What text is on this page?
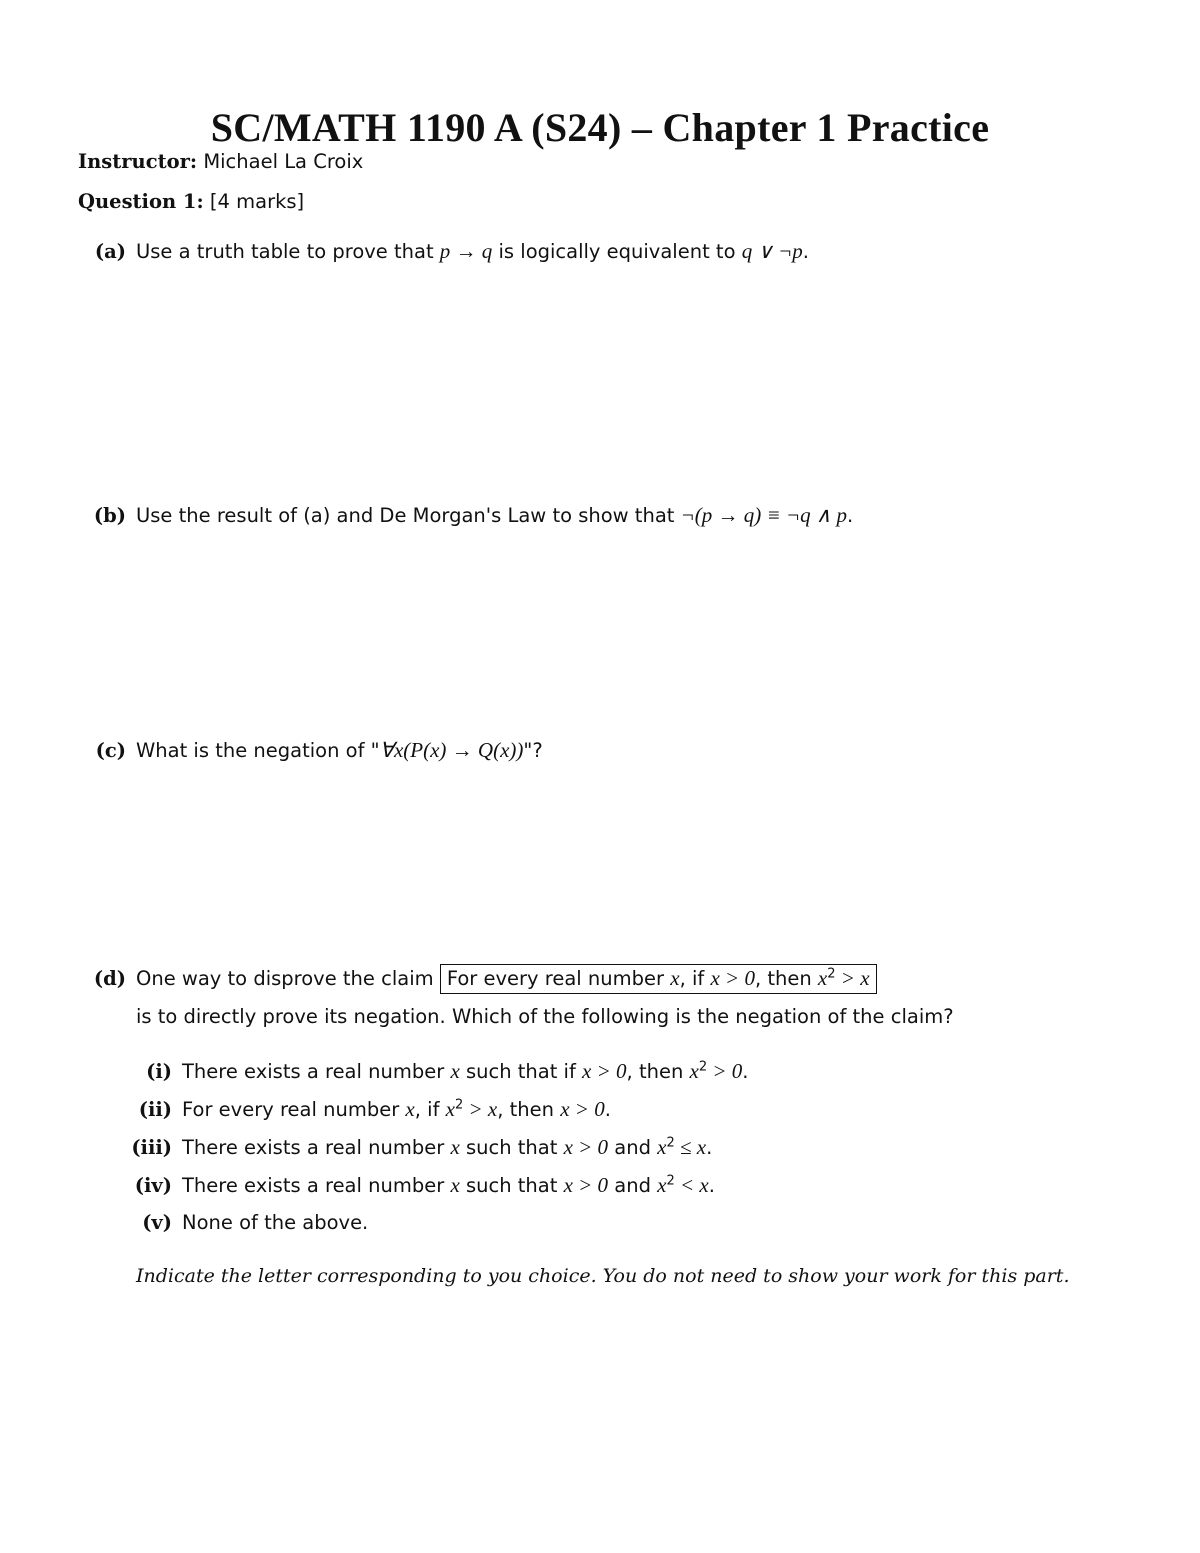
SC/MATH 1190 A (S24) – Chapter 1 Practice
Instructor: Michael La Croix
Question 1: [4 marks]
(a) Use a truth table to prove that p → q is logically equivalent to q ∨ ¬p.
(b) Use the result of (a) and De Morgan's Law to show that ¬(p → q) ≡ ¬q ∧ p.
(c) What is the negation of "∀x(P(x) → Q(x))"?
(d) One way to disprove the claim For every real number x, if x > 0, then $x^2 > x$
is to directly prove its negation. Which of the following is the negation of the claim?
(i) There exists a real number x such that if x > 0, then $x^2 > 0$.
(ii) For every real number x, if $x^2 > x$, then x > 0.
(iii) There exists a real number x such that x > 0 and $x^2 \le x$.
(iv) There exists a real number x such that x > 0 and $x^2 < x$.
(v) None of the above.
Indicate the letter corresponding to you choice. You do not need to show your work for this part.
